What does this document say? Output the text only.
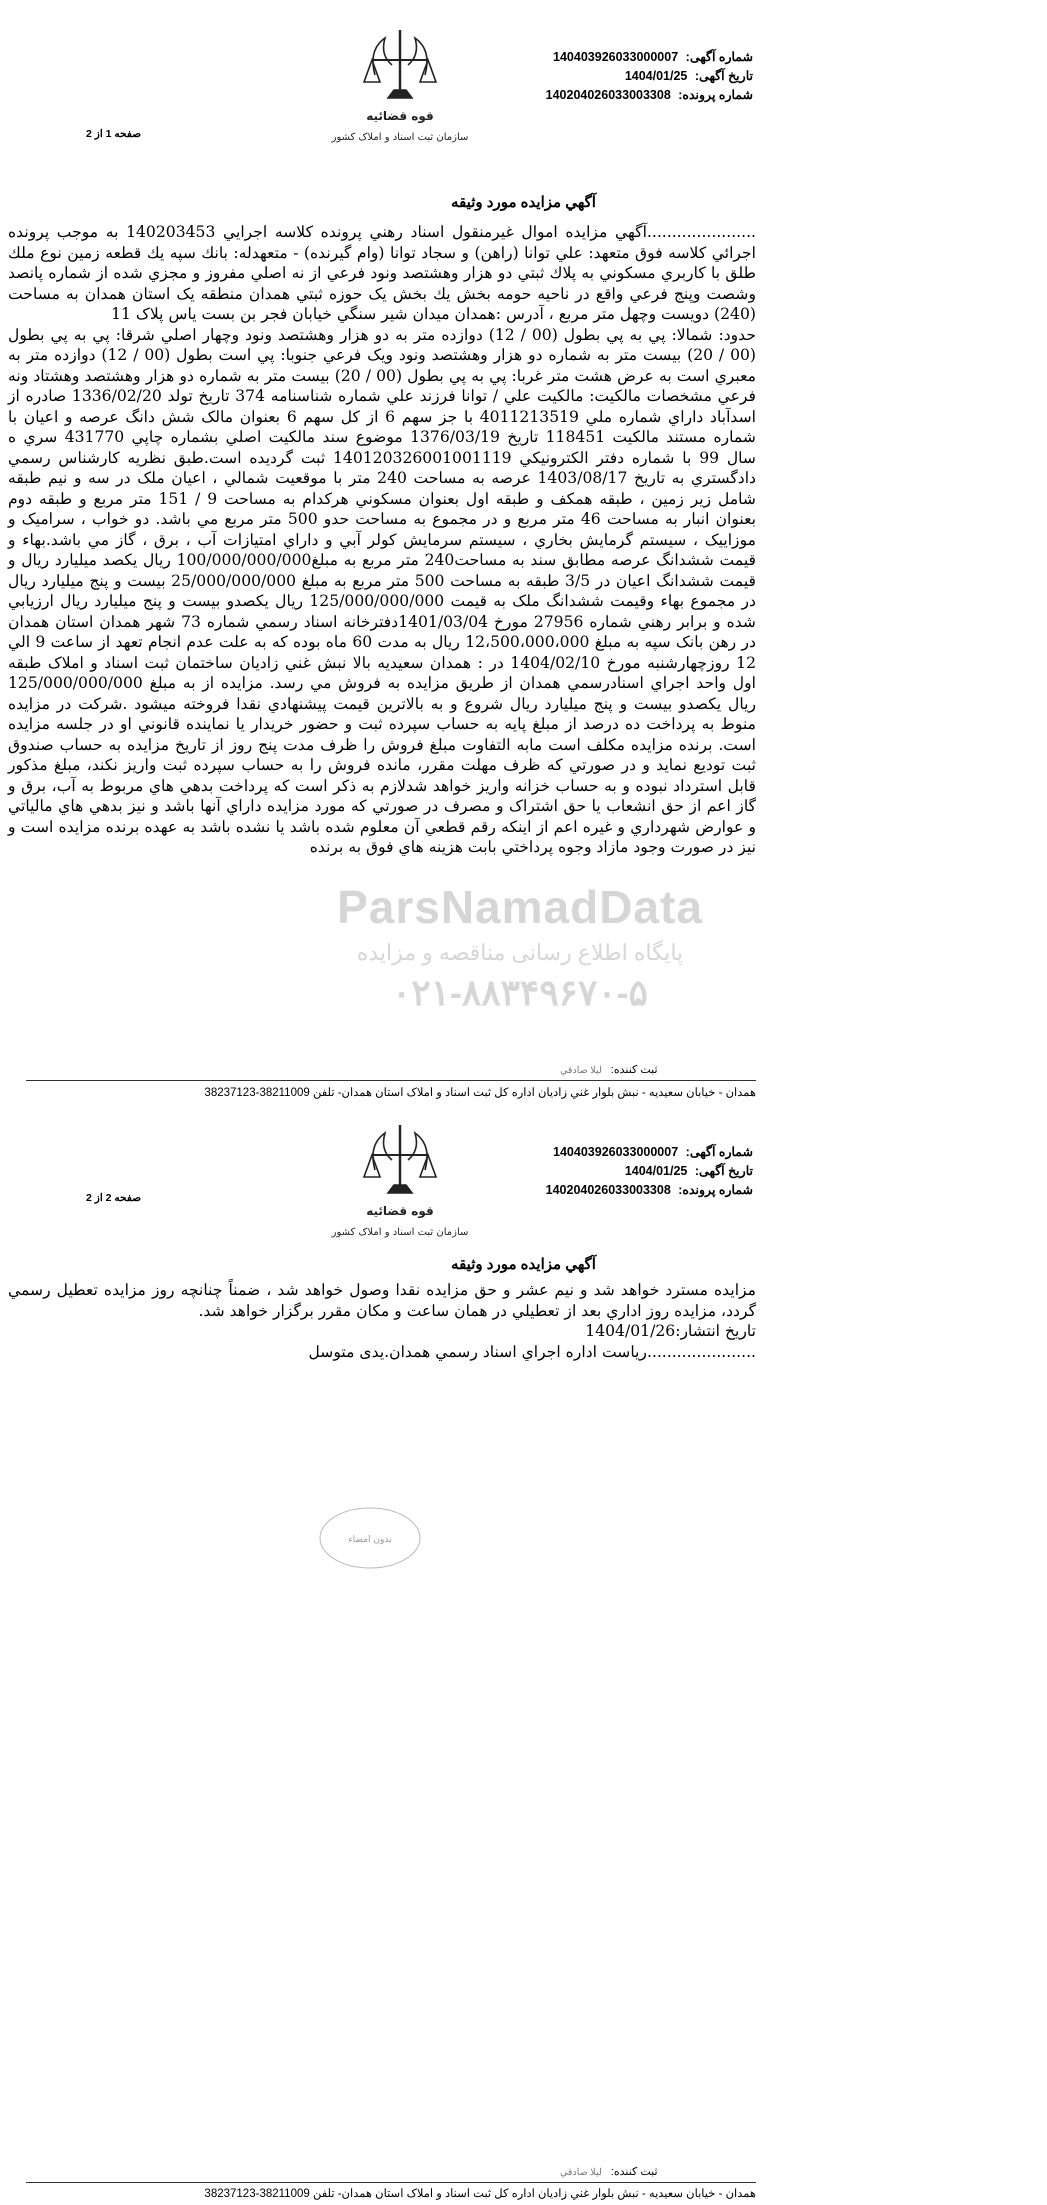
شماره آگهی: 140403926033000007
تاریخ آگهی: 1404/01/25
شماره پرونده: 140204026033003308
قوه قضائیه
سازمان ثبت اسناد و املاک کشور
صفحه 1 از 2
آگهي مزايده مورد وثيقه

......................آگهي مزايده اموال غيرمنقول اسناد رهني پرونده كلاسه اجرايي 140203453 به موجب پرونده اجرائي كلاسه فوق متعهد: علي توانا (راهن) و سجاد توانا (وام گيرنده) - متعهدله: بانك سپه يك قطعه زمين نوع ملك طلق با كاربري مسكوني به پلاك ثبتي دو هزار وهشتصد ونود فرعي از نه اصلي مفروز و مجزي شده از شماره پانصد وشصت وپنج فرعي واقع در ناحيه حومه بخش يك بخش يک حوزه ثبتي همدان منطقه يک استان همدان به مساحت (240) دويست وچهل متر مربع ، آدرس :همدان ميدان شير سنگي خيابان فجر بن بست ياس پلاک 11

حدود: شمالا: پي به پي بطول (00 / 12) دوازده متر به دو هزار وهشتصد ونود وچهار اصلي شرقا: پي به پي بطول (00 / 20) بيست متر به شماره دو هزار وهشتصد ونود ويک فرعي جنوبا: پي است بطول (00 / 12) دوازده متر به معبري است به عرض هشت متر غربا: پي به پي بطول (00 / 20) بيست متر به شماره دو هزار وهشتصد وهشتاد ونه فرعي مشخصات مالكيت: مالكيت علي / توانا فرزند علي شماره شناسنامه 374 تاريخ تولد 1336/02/20 صادره از اسدآباد داراي شماره ملي 4011213519 با جز سهم 6 از كل سهم 6 بعنوان مالک شش دانگ عرصه و اعيان با شماره مستند مالكيت 118451 تاريخ 1376/03/19 موضوع سند مالكيت اصلي بشماره چاپي 431770 سري ه سال 99 با شماره دفتر الكترونيكي 140120326001001119 ثبت گرديده است.طبق نظريه كارشناس رسمي دادگستري به تاريخ 1403/08/17 عرصه به مساحت 240 متر با موقعيت شمالي ، اعيان ملک در سه و نيم طبقه شامل زير زمين ، طبقه همکف و طبقه اول بعنوان مسکوني هرکدام به مساحت 9 / 151 متر مربع و طبقه دوم بعنوان انبار به مساحت 46 متر مربع و در مجموع به مساحت حدو 500 متر مربع مي باشد. دو خواب ، سراميک و موزاييک ، سيستم گرمايش بخاري ، سيستم سرمايش کولر آبي و داراي امتيازات آب ، برق ، گاز مي باشد.بهاء و قيمت ششدانگ عرصه مطابق سند به مساحت240 متر مربع به مبلغ100/000/000/000 ريال يکصد ميليارد ريال و قيمت ششدانگ اعيان در 3/5 طبقه به مساحت 500 متر مربع به مبلغ 25/000/000/000 بيست و پنج ميليارد ريال در مجموع بهاء وقيمت ششدانگ ملک به قيمت 125/000/000/000 ريال يکصدو بيست و پنج ميليارد ريال ارزيابي شده و برابر رهني شماره 27956 مورخ 1401/03/04دفترخانه اسناد رسمي شماره 73 شهر همدان استان همدان در رهن بانک سپه به مبلغ 12،500،000،000 ريال به مدت 60 ماه بوده که به علت عدم انجام تعهد از ساعت 9 الي 12 روزچهارشنبه مورخ 1404/02/10 در : همدان سعيديه بالا نبش غني زاديان ساختمان ثبت اسناد و املاک طبقه اول واحد اجراي اسنادرسمي همدان از طريق مزايده به فروش مي رسد. مزايده از به مبلغ 125/000/000/000 ريال يکصدو بيست و پنج ميليارد ريال شروع و به بالاترين قيمت پيشنهادي نقدا فروخته ميشود .شرکت در مزايده منوط به پرداخت ده درصد از مبلغ پايه به حساب سپرده ثبت و حضور خريدار يا نماينده قانوني او در جلسه مزايده است. برنده مزايده مکلف است مابه التفاوت مبلغ فروش را ظرف مدت پنج روز از تاريخ مزايده به حساب صندوق ثبت توديع نمايد و در صورتي که ظرف مهلت مقرر، مانده فروش را به حساب سپرده ثبت واريز نکند، مبلغ مذکور قابل استرداد نبوده و به حساب خزانه واريز خواهد شدلازم به ذکر است که پرداخت بدهي هاي مربوط به آب، برق و گاز اعم از حق انشعاب يا حق اشتراک و مصرف در صورتي که مورد مزايده داراي آنها باشد و نيز بدهي هاي مالياتي و عوارض شهرداري و غيره اعم از اينکه رقم قطعي آن معلوم شده باشد يا نشده باشد به عهده برنده مزايده است و نيز در صورت وجود مازاد وجوه پرداختي بابت هزينه هاي فوق به برنده

ثبت کننده: ليلا صادقي
همدان - خيابان سعيديه - نبش بلوار غني زاديان اداره کل ثبت اسناد و املاک استان همدان- تلفن 38211009-38237123
ParsNamadData
پایگاه اطلاع رسانی مناقصه و مزایده
۰۲۱-۸۸۳۴۹۶۷۰-۵
شماره آگهی: 140403926033000007
تاریخ آگهی: 1404/01/25
شماره پرونده: 140204026033003308
قوه قضائیه
سازمان ثبت اسناد و املاک کشور
صفحه 2 از 2
آگهي مزايده مورد وثيقه

مزايده مسترد خواهد شد و نيم عشر و حق مزايده نقدا وصول خواهد شد ، ضمناً چنانچه روز مزايده تعطيل رسمي گردد، مزايده روز اداري بعد از تعطيلي در همان ساعت و مکان مقرر برگزار خواهد شد.

تاريخ انتشار:1404/01/26

......................رياست اداره اجراي اسناد رسمي همدان.يدی متوسل

بدون امضاء
ثبت کننده: ليلا صادقي
همدان - خيابان سعيديه - نبش بلوار غني زاديان اداره کل ثبت اسناد و املاک استان همدان- تلفن 38211009-38237123
